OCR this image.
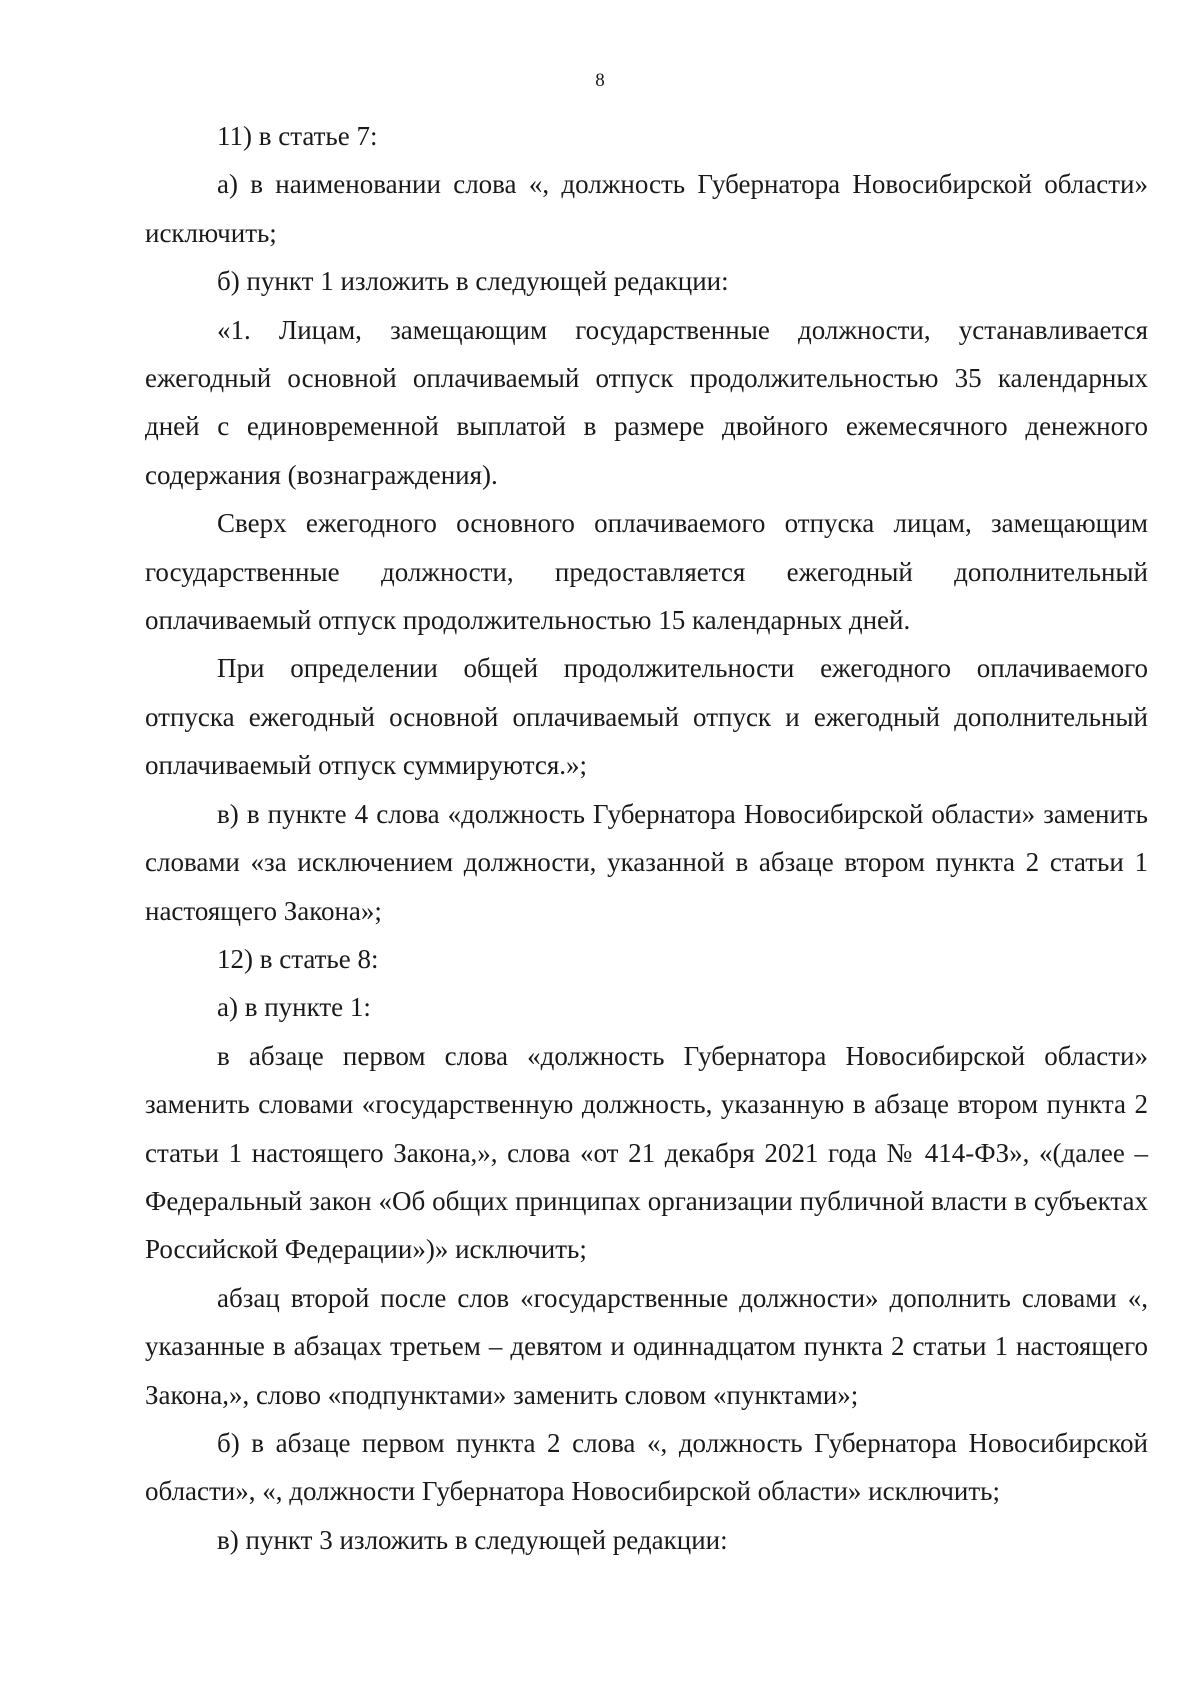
8

11) в статье 7:

а) в наименовании слова «, должность Губернатора Новосибирской области» исключить;

б) пункт 1 изложить в следующей редакции:

«1. Лицам, замещающим государственные должности, устанавливается ежегодный основной оплачиваемый отпуск продолжительностью 35 календарных дней с единовременной выплатой в размере двойного ежемесячного денежного содержания (вознаграждения).

Сверх ежегодного основного оплачиваемого отпуска лицам, замещающим государственные должности, предоставляется ежегодный дополнительный оплачиваемый отпуск продолжительностью 15 календарных дней.

При определении общей продолжительности ежегодного оплачиваемого отпуска ежегодный основной оплачиваемый отпуск и ежегодный дополнительный оплачиваемый отпуск суммируются.»;

в) в пункте 4 слова «должность Губернатора Новосибирской области» заменить словами «за исключением должности, указанной в абзаце втором пункта 2 статьи 1 настоящего Закона»;

12) в статье 8:

а) в пункте 1:

в абзаце первом слова «должность Губернатора Новосибирской области» заменить словами «государственную должность, указанную в абзаце втором пункта 2 статьи 1 настоящего Закона,», слова «от 21 декабря 2021 года № 414-ФЗ», «(далее – Федеральный закон «Об общих принципах организации публичной власти в субъектах Российской Федерации»)» исключить;

абзац второй после слов «государственные должности» дополнить словами «, указанные в абзацах третьем – девятом и одиннадцатом пункта 2 статьи 1 настоящего Закона,», слово «подпунктами» заменить словом «пунктами»;

б) в абзаце первом пункта 2 слова «, должность Губернатора Новосибирской области», «, должности Губернатора Новосибирской области» исключить;

в) пункт 3 изложить в следующей редакции:
